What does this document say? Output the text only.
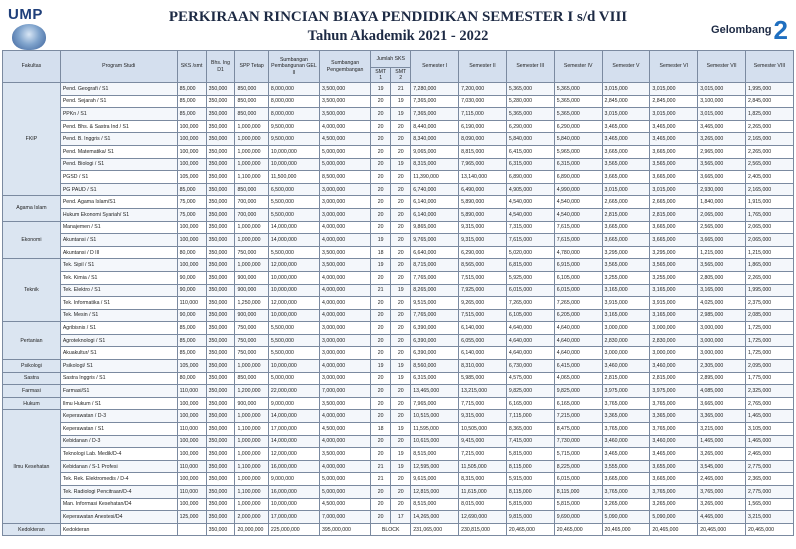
UMP	PERKIRAAN RINCIAN BIAYA PENDIDIKAN SEMESTER I s/d VIII
Tahun Akademik 2021 - 2022	Gelombang 2
Fakultas	Program Studi	SKS /smt	Bhs. Ing D1	SPP Tetap	Sumbangan Pembangunan GEL II	Sumbangan Pengembangan	Jumlah SKS		Semester I	Semester II	Semester III	Semester IV	Semester V	Semester VI	Semester VII	Semester VIII
							SMT 1	SMT 2								
FKIP	Pend. Geografi / S1	85,000	350,000	850,000	8,000,000	3,500,000	19	21	7,280,000	7,200,000	5,365,000	5,365,000	3,015,000	3,015,000	3,015,000	1,995,000
	Pend. Sejarah / S1	85,000	350,000	850,000	8,000,000	3,500,000	20	19	7,365,000	7,030,000	5,280,000	5,365,000	2,845,000	2,845,000	3,100,000	2,845,000
	PPKn / S1	85,000	350,000	850,000	8,000,000	3,500,000	20	19	7,365,000	7,115,000	5,365,000	5,365,000	3,015,000	3,015,000	3,015,000	1,825,000
	Pend. Bhs. & Sastra Ind / S1	100,000	350,000	1,000,000	9,500,000	4,000,000	20	20	8,440,000	6,190,000	6,290,000	6,290,000	3,465,000	3,465,000	3,465,000	2,265,000
	Pend. B. Inggris / S1	100,000	350,000	1,000,000	9,500,000	4,500,000	20	20	8,340,000	8,090,000	5,840,000	5,840,000	3,465,000	3,465,000	3,265,000	2,165,000
	Pend. Matematika/ S1	100,000	350,000	1,000,000	10,000,000	5,000,000	20	20	9,065,000	8,815,000	6,415,000	5,965,000	3,665,000	3,665,000	2,965,000	2,265,000
	Pend. Biologi / S1	100,000	350,000	1,000,000	10,000,000	5,000,000	20	19	8,315,000	7,965,000	6,315,000	6,315,000	3,565,000	3,565,000	3,565,000	2,565,000
	PGSD / S1	105,000	350,000	1,100,000	11,500,000	8,500,000	20	20	11,390,000	13,140,000	6,890,000	6,890,000	3,665,000	3,665,000	3,665,000	2,405,000
	PG PAUD / S1	85,000	350,000	850,000	6,500,000	3,000,000	20	20	6,740,000	6,490,000	4,905,000	4,990,000	3,015,000	3,015,000	2,930,000	2,165,000
Agama Islam	Pend. Agama Islam/S1	75,000	350,000	700,000	5,500,000	3,000,000	20	20	6,140,000	5,890,000	4,540,000	4,540,000	2,665,000	2,665,000	1,840,000	1,915,000
	Hukum Ekonomi Syariah/ S1	75,000	350,000	700,000	5,500,000	3,000,000	20	20	6,140,000	5,890,000	4,540,000	4,540,000	2,815,000	2,815,000	2,065,000	1,765,000
Ekonomi	Manajemen / S1	100,000	350,000	1,000,000	14,000,000	4,000,000	20	20	9,865,000	9,315,000	7,315,000	7,615,000	3,665,000	3,665,000	2,565,000	2,065,000
	Akuntansi / S1	100,000	350,000	1,000,000	14,000,000	4,000,000	19	20	9,765,000	9,315,000	7,615,000	7,615,000	3,665,000	3,665,000	3,665,000	2,065,000
	Akuntansi / D III	80,000	350,000	750,000	5,500,000	3,500,000	18	20	6,640,000	6,290,000	5,020,000	4,780,000	3,295,000	3,295,000	1,215,000	1,215,000
Teknik	Tek. Sipil / S1	100,000	350,000	1,000,000	12,000,000	3,500,000	19	20	8,715,000	8,565,000	6,815,000	6,915,000	3,565,000	3,565,000	3,565,000	1,865,000
	Tek. Kimia / S1	90,000	350,000	900,000	10,000,000	4,000,000	20	20	7,765,000	7,515,000	5,925,000	6,105,000	3,255,000	3,255,000	2,805,000	2,265,000
	Tek. Elektro / S1	90,000	350,000	900,000	10,000,000	4,000,000	21	19	8,265,000	7,925,000	6,015,000	6,015,000	3,165,000	3,165,000	3,165,000	1,995,000
	Tek. Informatika / S1	110,000	350,000	1,250,000	12,000,000	4,000,000	20	20	9,515,000	9,265,000	7,265,000	7,265,000	3,915,000	3,915,000	4,025,000	2,375,000
	Tek. Mesin / S1	90,000	350,000	900,000	10,000,000	4,000,000	20	20	7,765,000	7,515,000	6,105,000	6,205,000	3,165,000	3,165,000	2,985,000	2,085,000
Pertanian	Agribisnis / S1	85,000	350,000	750,000	5,500,000	3,000,000	20	20	6,390,000	6,140,000	4,640,000	4,640,000	3,000,000	3,000,000	3,000,000	1,725,000
	Agroteknologi / S1	85,000	350,000	750,000	5,500,000	3,000,000	20	20	6,390,000	6,055,000	4,640,000	4,640,000	2,830,000	2,830,000	3,000,000	1,725,000
	Akuakultur/ S1	85,000	350,000	750,000	5,500,000	3,000,000	20	20	6,390,000	6,140,000	4,640,000	4,640,000	3,000,000	3,000,000	3,000,000	1,725,000
Psikologi	Psikologi/ S1	105,000	350,000	1,000,000	10,000,000	4,000,000	19	19	8,560,000	8,310,000	6,730,000	6,415,000	3,460,000	3,460,000	2,305,000	2,095,000
Sastra	Sastra Inggris / S1	80,000	350,000	850,000	5,000,000	3,000,000	20	19	6,315,000	5,985,000	4,575,000	4,065,000	2,815,000	2,815,000	2,895,000	1,775,000
Farmasi	Farmasi/S1	110,000	350,000	1,200,000	22,000,000	7,000,000	20	20	13,465,000	13,215,000	9,825,000	9,825,000	3,975,000	3,975,000	4,085,000	2,325,000
Hukum	Ilmu Hukum / S1	100,000	350,000	900,000	9,000,000	3,500,000	20	20	7,965,000	7,715,000	6,165,000	6,165,000	3,765,000	3,765,000	3,665,000	2,765,000
Ilmu Kesehatan	Keperawatan / D-3	100,000	350,000	1,000,000	14,000,000	4,000,000	20	20	10,515,000	9,315,000	7,115,000	7,215,000	3,365,000	3,365,000	3,365,000	1,465,000
	Keperawatan / S1	110,000	350,000	1,100,000	17,000,000	4,500,000	18	19	11,595,000	10,505,000	8,365,000	8,475,000	3,765,000	3,765,000	3,215,000	3,105,000
	Kebidanan / D-3	100,000	350,000	1,000,000	14,000,000	4,000,000	20	20	10,615,000	9,415,000	7,415,000	7,730,000	3,460,000	3,460,000	1,465,000	1,465,000
	Teknologi Lab. Medik/D-4	100,000	350,000	1,000,000	12,000,000	3,500,000	20	19	8,515,000	7,215,000	5,815,000	5,715,000	3,465,000	3,465,000	3,265,000	2,465,000
	Kebidanan / S-1 Profesi	110,000	350,000	1,100,000	16,000,000	4,000,000	21	19	12,595,000	11,505,000	8,115,000	8,225,000	3,555,000	3,655,000	3,545,000	2,775,000
	Tek. Rek. Elektromedis / D-4	100,000	350,000	1,000,000	9,000,000	5,000,000	21	20	9,615,000	8,315,000	5,915,000	6,015,000	3,665,000	3,665,000	2,465,000	2,365,000
	Tek. Radiologi Pencitraan/D-4	110,000	350,000	1,100,000	16,000,000	5,000,000	20	20	12,815,000	11,615,000	8,115,000	8,115,000	3,765,000	3,765,000	3,765,000	2,775,000
	Man. Informasi Kesehatan/D4	100,000	350,000	1,000,000	10,000,000	4,500,000	20	20	8,515,000	8,015,000	5,815,000	5,815,000	3,265,000	3,265,000	3,265,000	1,565,000
	Keperawatan Anestesi/D4	125,000	350,000	2,000,000	17,000,000	7,000,000	20	17	14,265,000	12,690,000	9,815,000	9,690,000	5,090,000	5,090,000	4,465,000	3,215,000
Kedokteran	Kedokteran		350,000	20,000,000	225,000,000	395,000,000	BLOCK		231,065,000	230,815,000	20,465,000	20,465,000	20,465,000	20,465,000	20,465,000	20,465,000
